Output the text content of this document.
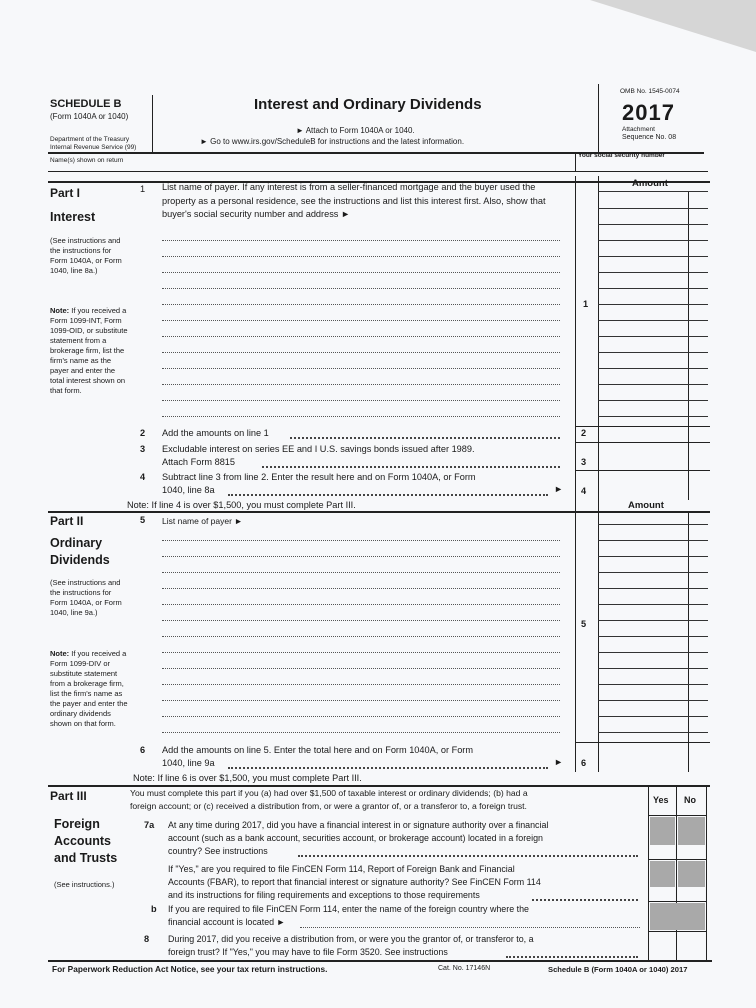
SCHEDULE B
(Form 1040A or 1040)
Department of the Treasury
Internal Revenue Service (99)
Interest and Ordinary Dividends
► Attach to Form 1040A or 1040.
► Go to www.irs.gov/ScheduleB for instructions and the latest information.
OMB No. 1545-0074
2017
Attachment
Sequence No. 08
Name(s) shown on return
Your social security number
Part I
Interest
(See instructions and the instructions for Form 1040A, or Form 1040, line 8a.)
Note: If you received a Form 1099-INT, Form 1099-OID, or substitute statement from a brokerage firm, list the firm's name as the payer and enter the total interest shown on that form.
1 List name of payer. If any interest is from a seller-financed mortgage and the buyer used the property as a personal residence, see the instructions and list this interest first. Also, show that buyer's social security number and address ►
Amount
1
2 Add the amounts on line 1	2
3 Excludable interest on series EE and I U.S. savings bonds issued after 1989.
Attach Form 8815	3
4 Subtract line 3 from line 2. Enter the result here and on Form 1040A, or Form
1040, line 8a	► 4
Note: If line 4 is over $1,500, you must complete Part III.
Part II
Ordinary
Dividends
(See instructions and the instructions for Form 1040A, or Form 1040, line 9a.)
Note: If you received a Form 1099-DIV or substitute statement from a brokerage firm, list the firm's name as the payer and enter the ordinary dividends shown on that form.
Amount
5 List name of payer ►
5
6 Add the amounts on line 5. Enter the total here and on Form 1040A, or Form
1040, line 9a	► 6
Note: If line 6 is over $1,500, you must complete Part III.
Part III
Foreign
Accounts
and Trusts
(See instructions.)
You must complete this part if you (a) had over $1,500 of taxable interest or ordinary dividends; (b) had a
foreign account; or (c) received a distribution from, or were a grantor of, or a transferor to, a foreign trust.
Yes No
7a At any time during 2017, did you have a financial interest in or signature authority over a financial
account (such as a bank account, securities account, or brokerage account) located in a foreign
country? See instructions
If "Yes," are you required to file FinCEN Form 114, Report of Foreign Bank and Financial
Accounts (FBAR), to report that financial interest or signature authority? See FinCEN Form 114
and its instructions for filing requirements and exceptions to those requirements
b If you are required to file FinCEN Form 114, enter the name of the foreign country where the
financial account is located ►
8 During 2017, did you receive a distribution from, or were you the grantor of, or transferor to, a
foreign trust? If "Yes," you may have to file Form 3520. See instructions
For Paperwork Reduction Act Notice, see your tax return instructions.	Cat. No. 17146N	Schedule B (Form 1040A or 1040) 2017
